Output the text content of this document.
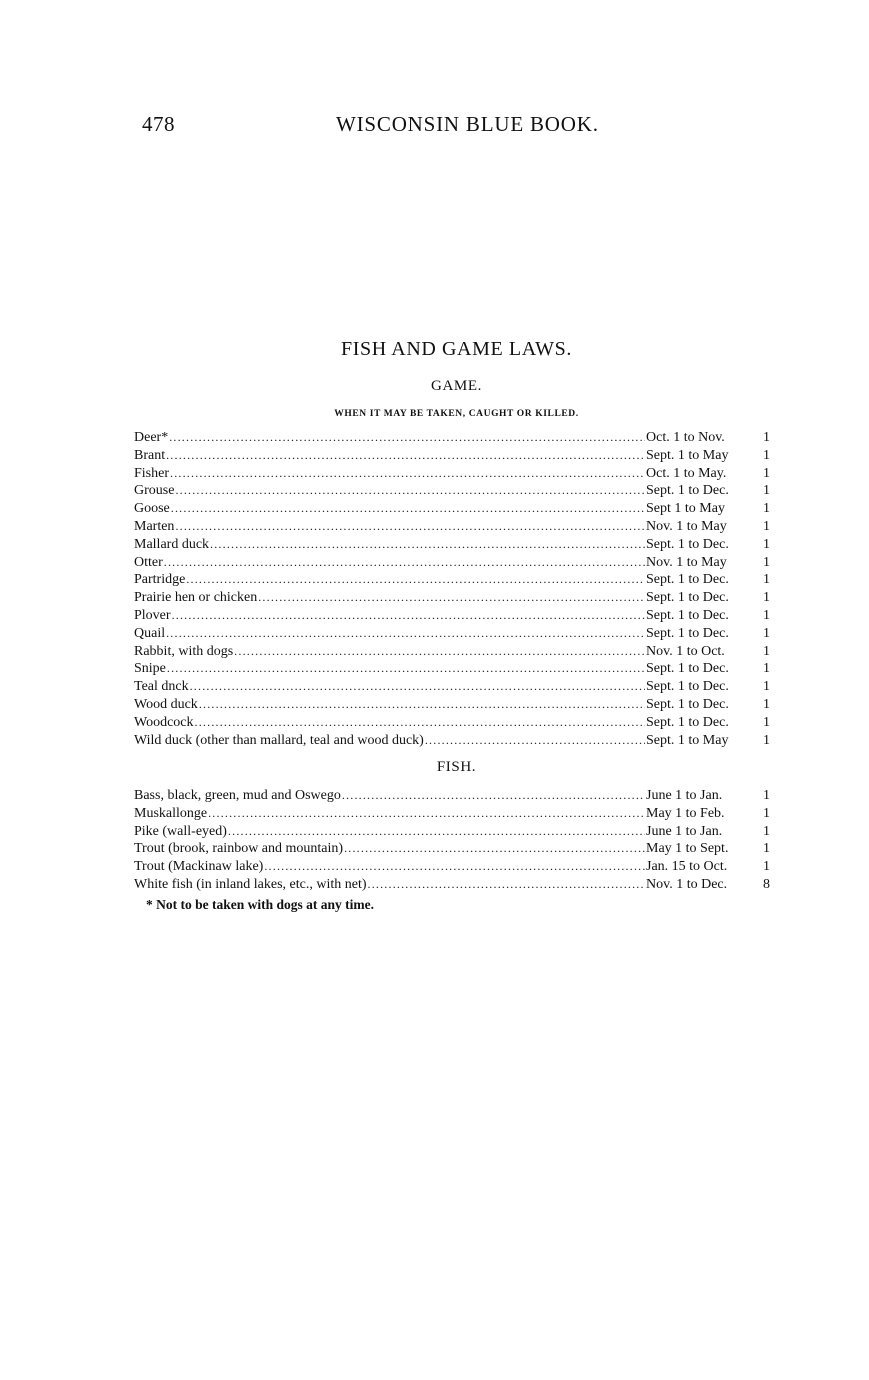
478	WISCONSIN BLUE BOOK.
FISH AND GAME LAWS.
GAME.
WHEN IT MAY BE TAKEN, CAUGHT OR KILLED.
Deer* .....	Oct. 1 to Nov.	1
Brant .....	Sept. 1 to May	1
Fisher .....	Oct. 1 to May.	1
Grouse .....	Sept. 1 to Dec.	1
Goose .....	Sept 1 to May	1
Marten .....	Nov. 1 to May	1
Mallard duck .....	Sept. 1 to Dec.	1
Otter .....	Nov. 1 to May	1
Partridge .....	Sept. 1 to Dec.	1
Prairie hen or chicken .....	Sept. 1 to Dec.	1
Plover .....	Sept. 1 to Dec.	1
Quail .....	Sept. 1 to Dec.	1
Rabbit, with dogs .....	Nov. 1 to Oct.	1
Snipe .....	Sept. 1 to Dec.	1
Teal dnck .....	Sept. 1 to Dec.	1
Wood duck .....	Sept. 1 to Dec.	1
Woodcock .....	Sept. 1 to Dec.	1
Wild duck (other than mallard, teal and wood duck) .....	Sept. 1 to May	1
FISH.
Bass, black, green, mud and Oswego .....	June 1 to Jan.	1
Muskallonge .....	May 1 to Feb.	1
Pike (wall-eyed) .....	June 1 to Jan.	1
Trout (brook, rainbow and mountain) .....	May 1 to Sept.	1
Trout (Mackinaw lake) .....	Jan. 15 to Oct.	1
White fish (in inland lakes, etc., with net) .....	Nov. 1 to Dec.	8
* Not to be taken with dogs at any time.
